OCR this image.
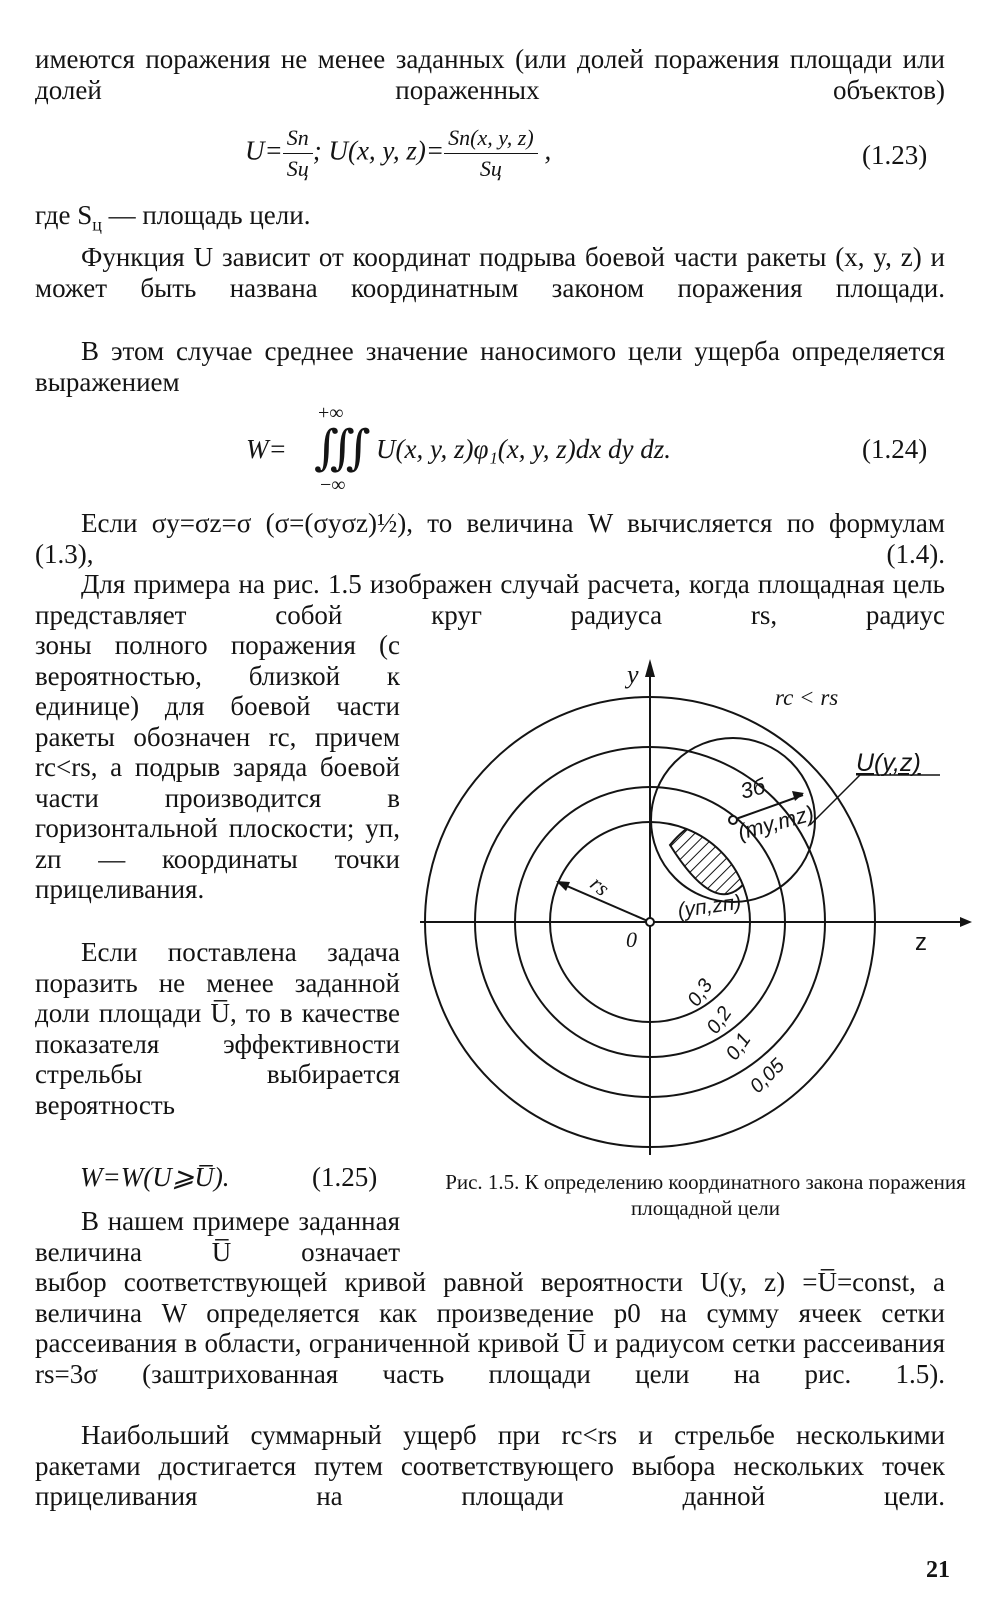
имеются поражения не менее заданных (или долей поражения площади или долей пораженных объектов)

$U= \frac{Sп}{Sц}$ ; U(x, y, $z)= \frac{Sп(x, y, z)}{Sц}$ ,	(1.23)

где $S_ц$ — площадь цели.

Функция U зависит от координат подрыва боевой части ракеты (x, y, z) и может быть названа координатным законом поражения площади.

В этом случае среднее значение наносимого цели ущерба определяется выражением

W=
+∞
∭
−∞
U(x, y, z)φ₁(x, y, z)dx dy dz.	(1.24)

Если σy=σz=σ (σ=(σyσz)½), то величина W вычисляется по формулам (1.3), (1.4).

Для примера на рис. 1.5 изображен случай расчета, когда площадная цель представляет собой круг радиуса rs, радиус

зоны полного поражения (с вероятностью, близкой к единице) для боевой части ракеты обозначен rc, причем rc<rs, а подрыв заряда боевой части производится в горизонтальной плоскости; yп, zп — координаты точки прицеливания.

Если поставлена задача поразить не менее заданной доли площади U̅, то в качестве показателя эффективности стрельбы выбирается вероятность

W=W(U⩾U̅).	(1.25)

В нашем примере заданная величина U̅ означает

выбор соответствующей кривой равной вероятности U(y, z) =U̅=const, а величина W определяется как произведение p0 на сумму ячеек сетки рассеивания в области, ограниченной кривой U̅ и радиусом сетки рассеивания rs=3σ (заштрихованная часть площади цели на рис. 1.5).

Наибольший суммарный ущерб при rc<rs и стрельбе несколькими ракетами достигается путем соответствующего выбора нескольких точек прицеливания на площади данной цели.

y
z
0
rc < rs
U(y,z)
rs
3б
(my,mz)
(yп,zп)
0,3
0,2
0,1
0,05

Рис. 1.5. К определению координатного закона поражения площадной цели

21
